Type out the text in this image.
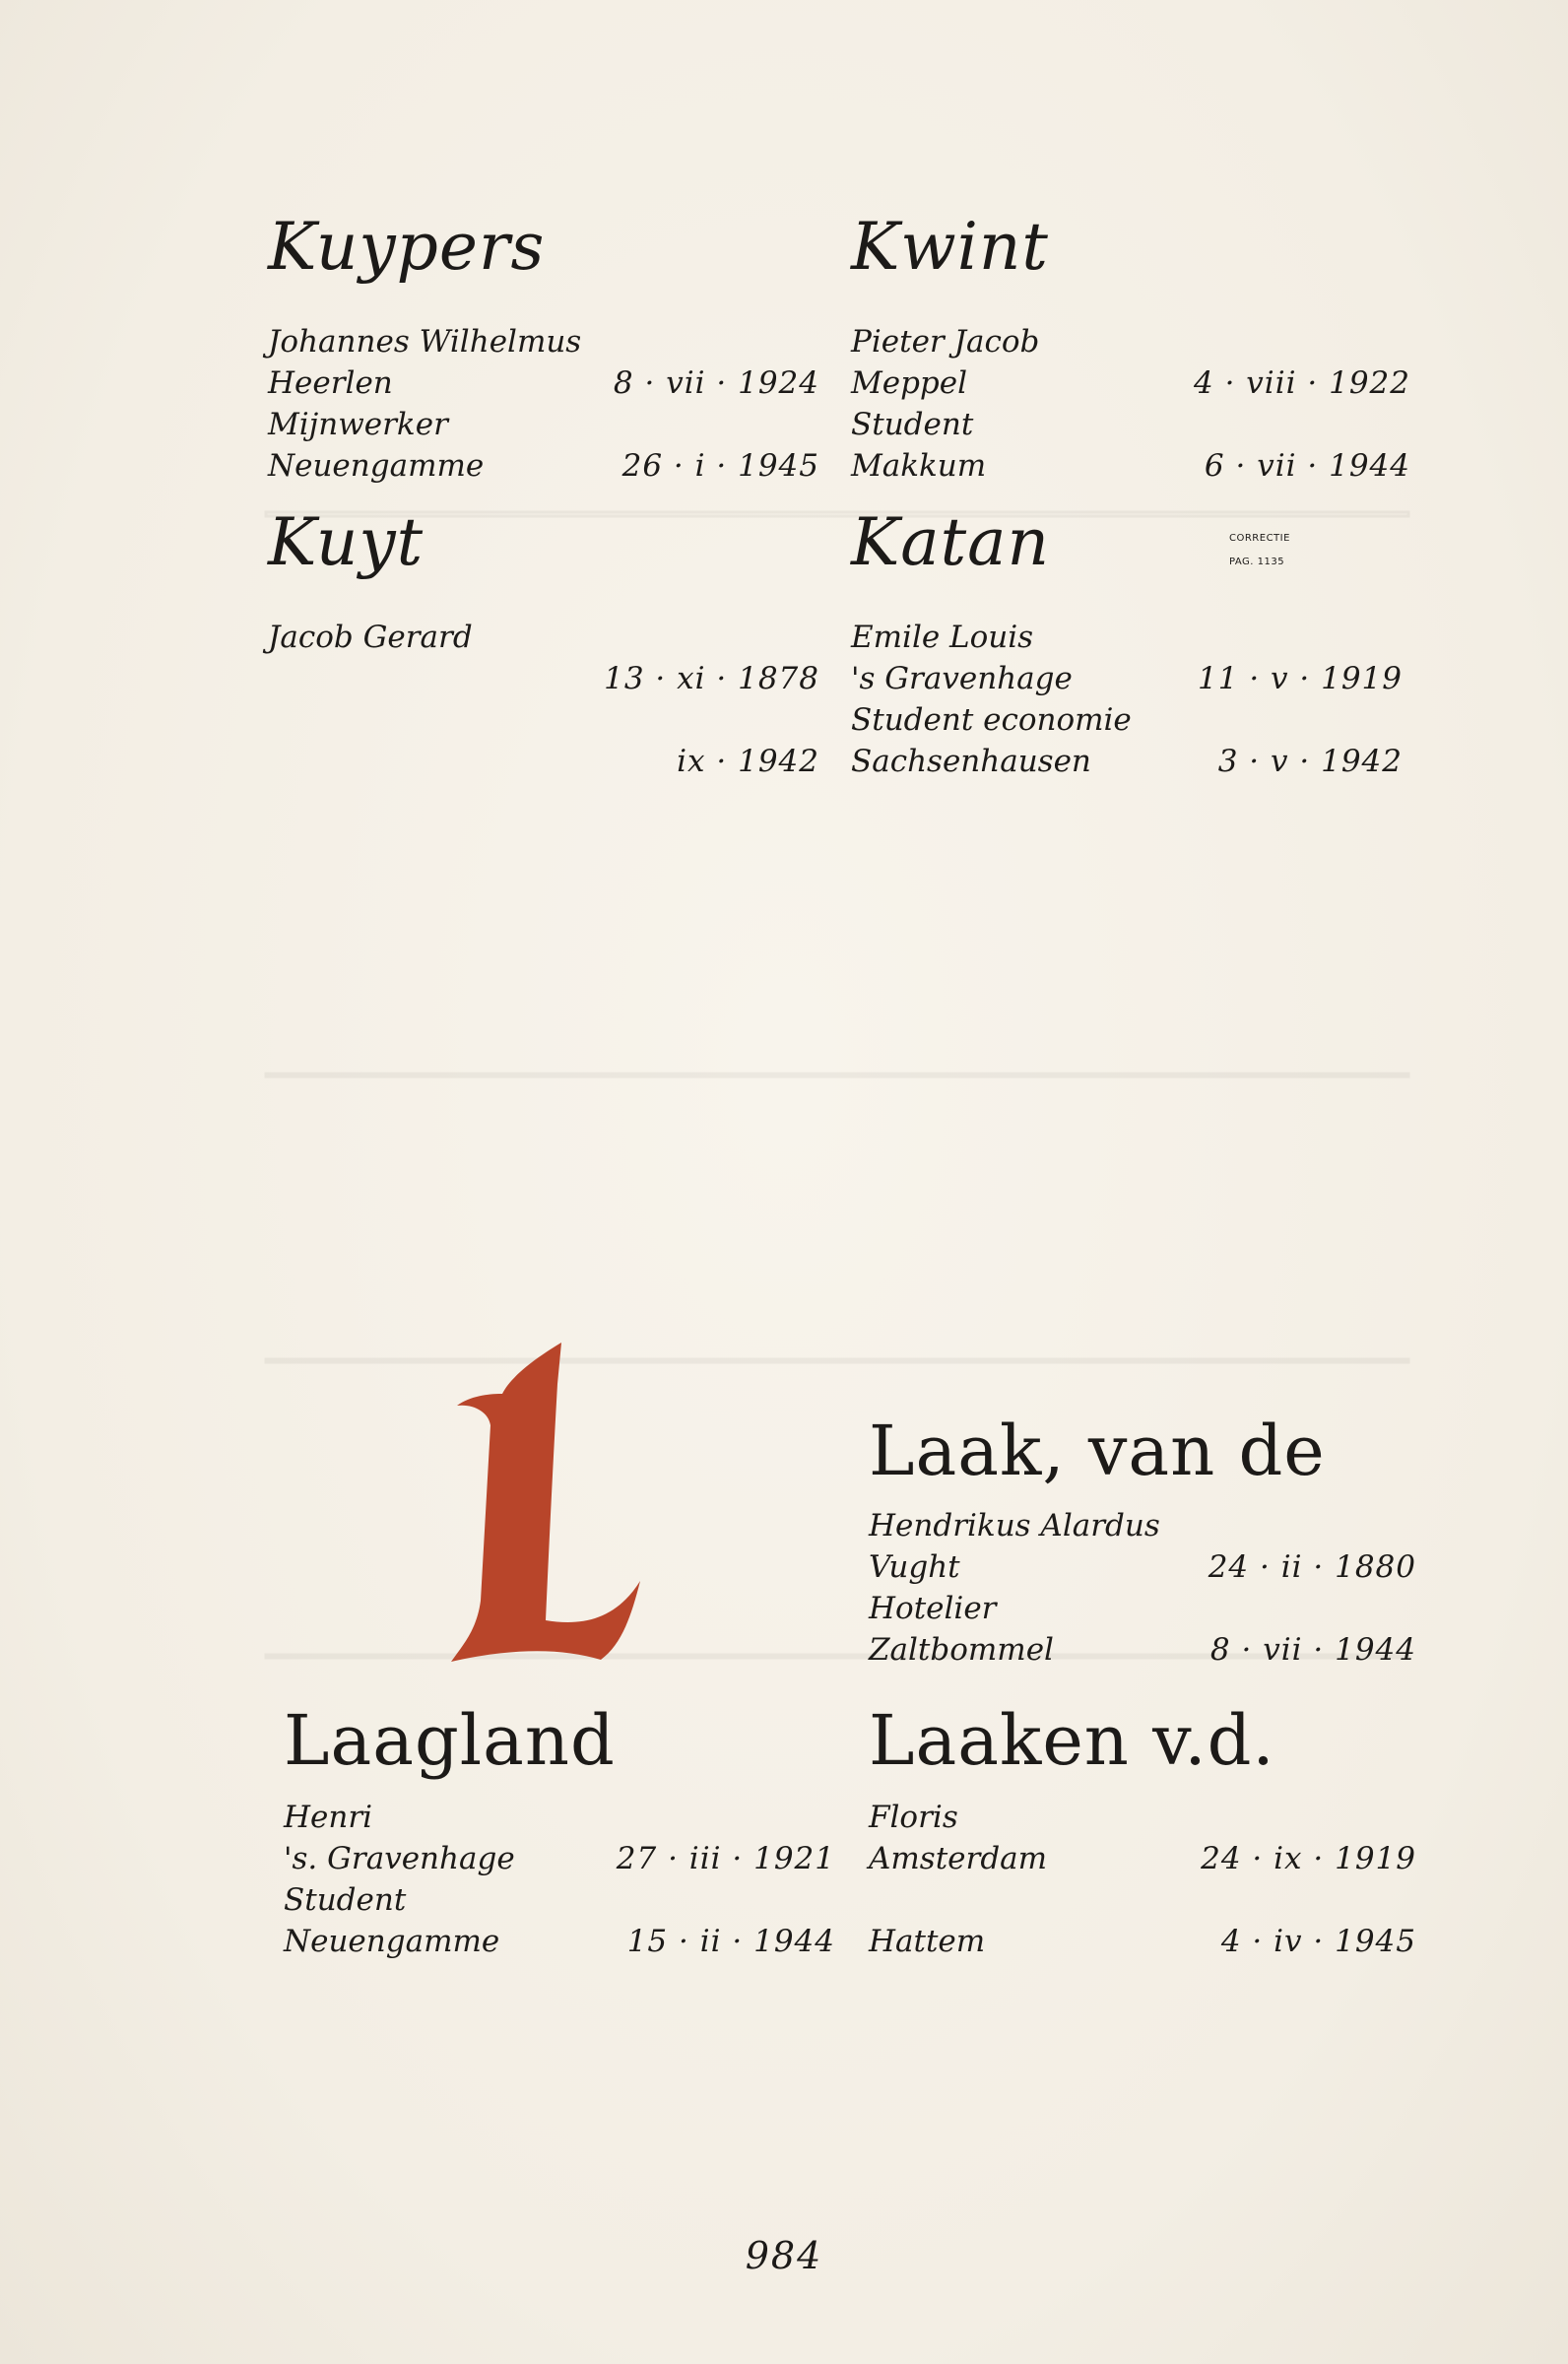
Kuypers
Johannes Wilhelmus
Heerlen	8 · vii · 1924
Mijnwerker
Neuengamme	26 · i · 1945
Kwint
Pieter Jacob
Meppel	4 · viii · 1922
Student
Makkum	6 · vii · 1944
Kuyt
Jacob Gerard
13 · xi · 1878
ix · 1942
Katan
Emile Louis
's Gravenhage	11 · v · 1919
Student economie
Sachsenhausen	3 · v · 1942
CORRECTIE
PAG. 1135
Laak, van de
Hendrikus Alardus
Vught	24 · ii · 1880
Hotelier
Zaltbommel	8 · vii · 1944
Laagland
Henri
's. Gravenhage	27 · iii · 1921
Student
Neuengamme	15 · ii · 1944
Laaken v.d.
Floris
Amsterdam	24 · ix · 1919
Hattem	4 · iv · 1945
984
